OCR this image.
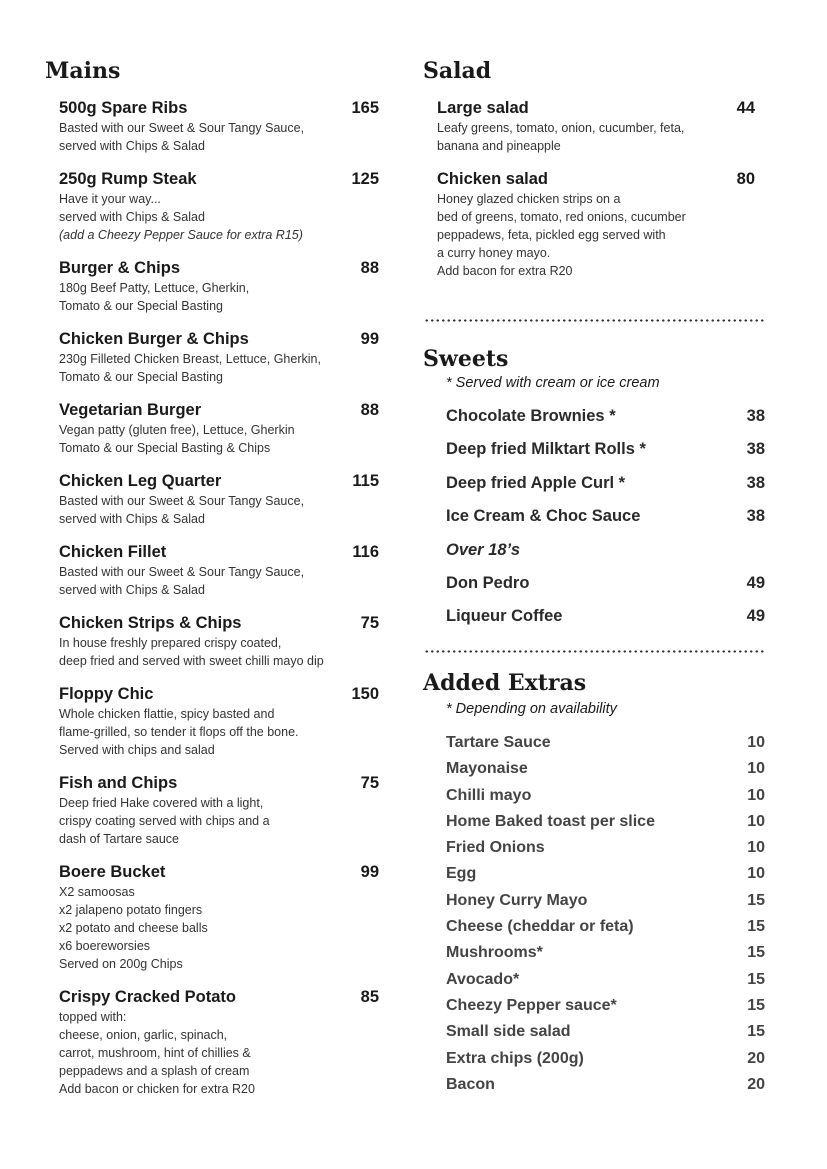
Mains
500g Spare Ribs	165
Basted with our Sweet & Sour Tangy Sauce,
served with Chips & Salad
250g Rump Steak	125
Have it your way...
served with Chips & Salad
(add a Cheezy Pepper Sauce for extra R15)
Burger & Chips	88
180g Beef Patty, Lettuce, Gherkin,
Tomato & our Special Basting
Chicken Burger & Chips	99
230g Filleted Chicken Breast, Lettuce, Gherkin,
Tomato & our Special Basting
Vegetarian Burger	88
Vegan patty (gluten free), Lettuce, Gherkin
Tomato & our Special Basting & Chips
Chicken Leg Quarter	115
Basted with our Sweet & Sour Tangy Sauce,
served with Chips & Salad
Chicken Fillet	116
Basted with our Sweet & Sour Tangy Sauce,
served with Chips & Salad
Chicken Strips & Chips	75
In house freshly prepared crispy coated,
deep fried and served with sweet chilli mayo dip
Floppy Chic	150
Whole chicken flattie, spicy basted and
flame-grilled, so tender it flops off the bone.
Served with chips and salad
Fish and Chips	75
Deep fried Hake covered with a light,
crispy coating served with chips and a
dash of Tartare sauce
Boere Bucket	99
X2 samoosas
x2 jalapeno potato fingers
x2 potato and cheese balls
x6 boereworsies
Served on 200g Chips
Crispy Cracked Potato	85
topped with:
cheese, onion, garlic, spinach,
carrot, mushroom, hint of chillies &
peppadews and a splash of cream
Add bacon or chicken for extra R20
Salad
Large salad	44
Leafy greens, tomato, onion, cucumber, feta,
banana and pineapple
Chicken salad	80
Honey glazed chicken strips on a
bed of greens, tomato, red onions, cucumber
peppadews, feta, pickled egg served with
a curry honey mayo.
Add bacon for extra R20
Sweets
* Served with cream or ice cream
Chocolate Brownies *	38
Deep fried Milktart Rolls *	38
Deep fried Apple Curl *	38
Ice Cream & Choc Sauce	38
Over 18’s
Don Pedro	49
Liqueur Coffee	49
Added Extras
* Depending on availability
Tartare Sauce	10
Mayonaise	10
Chilli mayo	10
Home Baked toast per slice	10
Fried Onions	10
Egg	10
Honey Curry Mayo	15
Cheese (cheddar or feta)	15
Mushrooms*	15
Avocado*	15
Cheezy Pepper sauce*	15
Small side salad	15
Extra chips (200g)	20
Bacon	20
